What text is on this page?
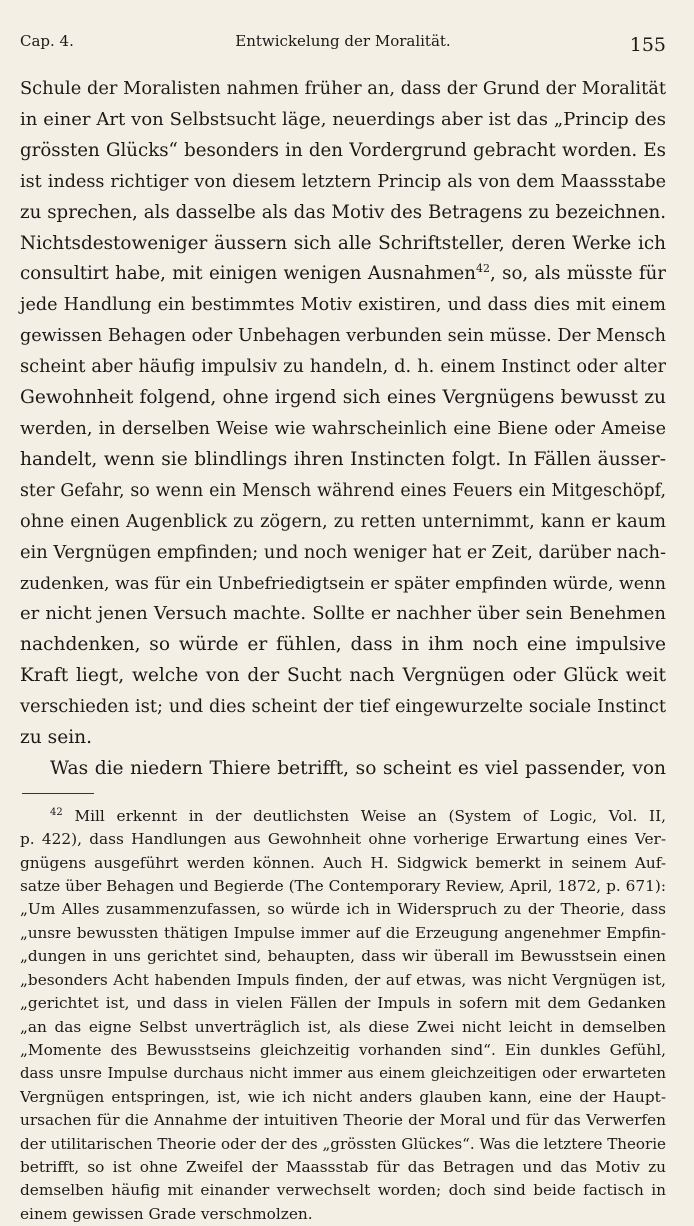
Cap. 4.	Entwickelung der Moralität.	155
Schule der Moralisten nahmen früher an, dass der Grund der Moralität
in einer Art von Selbstsucht läge, neuerdings aber ist das „Princip des
grössten Glücks“ besonders in den Vordergrund gebracht worden. Es
ist indess richtiger von diesem letztern Princip als von dem Maassstabe
zu sprechen, als dasselbe als das Motiv des Betragens zu bezeichnen.
Nichtsdestoweniger äussern sich alle Schriftsteller, deren Werke ich
consultirt habe, mit einigen wenigen Ausnahmen$^{42}$, so, als müsste für
jede Handlung ein bestimmtes Motiv existiren, und dass dies mit einem
gewissen Behagen oder Unbehagen verbunden sein müsse. Der Mensch
scheint aber häufig impulsiv zu handeln, d. h. einem Instinct oder alter
Gewohnheit folgend, ohne irgend sich eines Vergnügens bewusst zu
werden, in derselben Weise wie wahrscheinlich eine Biene oder Ameise
handelt, wenn sie blindlings ihren Instincten folgt. In Fällen äusser-
ster Gefahr, so wenn ein Mensch während eines Feuers ein Mitgeschöpf,
ohne einen Augenblick zu zögern, zu retten unternimmt, kann er kaum
ein Vergnügen empfinden; und noch weniger hat er Zeit, darüber nach-
zudenken, was für ein Unbefriedigtsein er später empfinden würde, wenn
er nicht jenen Versuch machte. Sollte er nachher über sein Benehmen
nachdenken, so würde er fühlen, dass in ihm noch eine impulsive
Kraft liegt, welche von der Sucht nach Vergnügen oder Glück weit
verschieden ist; und dies scheint der tief eingewurzelte sociale Instinct
zu sein.
Was die niedern Thiere betrifft, so scheint es viel passender, von
$^{42}$ Mill erkennt in der deutlichsten Weise an (System of Logic, Vol. II,
p. 422), dass Handlungen aus Gewohnheit ohne vorherige Erwartung eines Ver-
gnügens ausgeführt werden können. Auch H. Sidgwick bemerkt in seinem Auf-
satze über Behagen und Begierde (The Contemporary Review, April, 1872, p. 671):
„Um Alles zusammenzufassen, so würde ich in Widerspruch zu der Theorie, dass
„unsre bewussten thätigen Impulse immer auf die Erzeugung angenehmer Empfin-
„dungen in uns gerichtet sind, behaupten, dass wir überall im Bewusstsein einen
„besonders Acht habenden Impuls finden, der auf etwas, was nicht Vergnügen ist,
„gerichtet ist, und dass in vielen Fällen der Impuls in sofern mit dem Gedanken
„an das eigne Selbst unverträglich ist, als diese Zwei nicht leicht in demselben
„Momente des Bewusstseins gleichzeitig vorhanden sind“. Ein dunkles Gefühl,
dass unsre Impulse durchaus nicht immer aus einem gleichzeitigen oder erwarteten
Vergnügen entspringen, ist, wie ich nicht anders glauben kann, eine der Haupt-
ursachen für die Annahme der intuitiven Theorie der Moral und für das Verwerfen
der utilitarischen Theorie oder der des „grössten Glückes“. Was die letztere Theorie
betrifft, so ist ohne Zweifel der Maassstab für das Betragen und das Motiv zu
demselben häufig mit einander verwechselt worden; doch sind beide factisch in
einem gewissen Grade verschmolzen.
